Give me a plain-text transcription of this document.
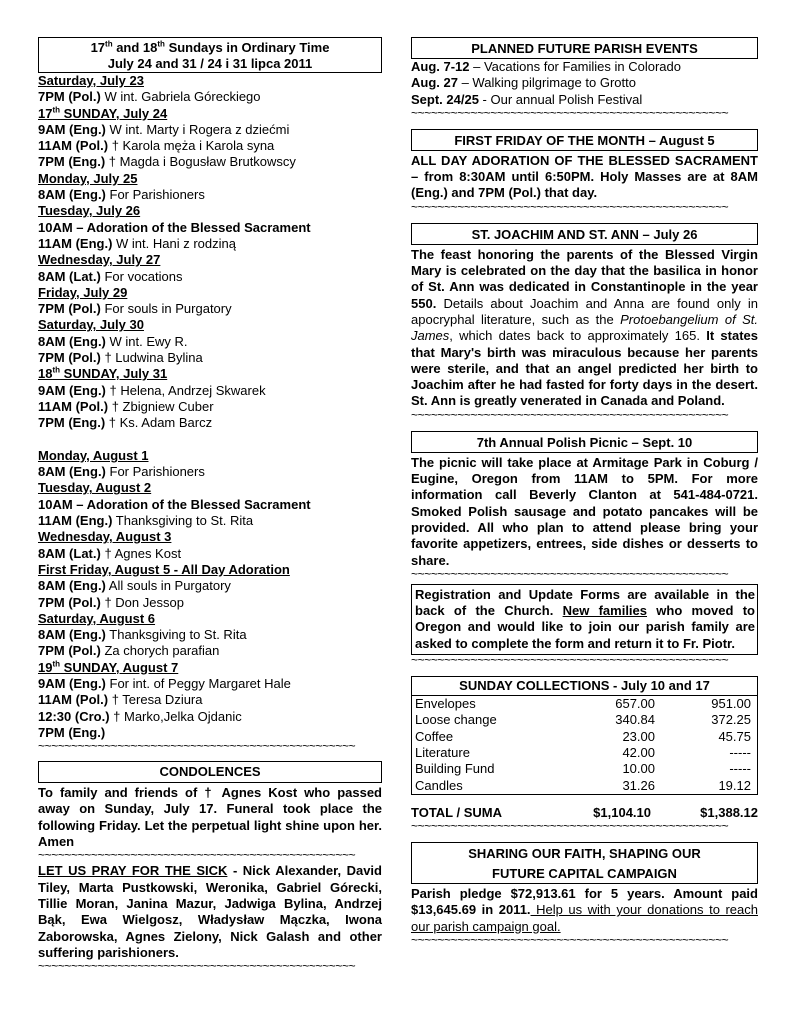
17th and 18th Sundays in Ordinary Time
July 24 and 31 / 24 i 31 lipca 2011
Saturday, July 23
7PM (Pol.) W int. Gabriela Góreckiego
17th SUNDAY, July 24
9AM (Eng.) W int. Marty i Rogera z dziećmi
11AM (Pol.) † Karola męża i Karola syna
7PM (Eng.) † Magda i Bogusław Brutkowscy
Monday, July 25
8AM (Eng.) For Parishioners
Tuesday, July 26
10AM – Adoration of the Blessed Sacrament
11AM (Eng.) W int. Hani z rodziną
Wednesday, July 27
8AM (Lat.) For vocations
Friday, July 29
7PM (Pol.) For souls in Purgatory
Saturday, July 30
8AM (Eng.) W int. Ewy R.
7PM (Pol.) † Ludwina Bylina
18th SUNDAY, July 31
9AM (Eng.) † Helena, Andrzej Skwarek
11AM (Pol.) † Zbigniew Cuber
7PM (Eng.) † Ks. Adam Barcz

Monday, August 1
8AM (Eng.) For Parishioners
Tuesday, August 2
10AM – Adoration of the Blessed Sacrament
11AM (Eng.) Thanksgiving to St. Rita
Wednesday, August 3
8AM (Lat.) † Agnes Kost
First Friday, August 5 - All Day Adoration
8AM (Eng.) All souls in Purgatory
7PM (Pol.) † Don Jessop
Saturday, August 6
8AM (Eng.) Thanksgiving to St. Rita
7PM (Pol.) Za chorych parafian
19th SUNDAY, August 7
9AM (Eng.) For int. of Peggy Margaret Hale
11AM (Pol.) † Teresa Dziura
12:30 (Cro.) † Marko,Jelka Ojdanic
7PM (Eng.)
~~~~~~~~~~~~~~~~~~~~~~~~~~~~~~~~~~~~~~~~~~~~~~~~
CONDOLENCES
To family and friends of † Agnes Kost who passed away on Sunday, July 17. Funeral took place the following Friday. Let the perpetual light shine upon her. Amen
~~~~~~~~~~~~~~~~~~~~~~~~~~~~~~~~~~~~~~~~~~~~~~~~
LET US PRAY FOR THE SICK - Nick Alexander, David Tiley, Marta Pustkowski, Weronika, Gabriel Górecki, Tillie Moran, Janina Mazur, Jadwiga Bylina, Andrzej Bąk, Ewa Wielgosz, Władysław Mączka, Iwona Zaborowska, Agnes Zielony, Nick Galash and other suffering parishioners.
~~~~~~~~~~~~~~~~~~~~~~~~~~~~~~~~~~~~~~~~~~~~~~~~
PLANNED FUTURE PARISH EVENTS
Aug. 7-12 – Vacations for Families in Colorado
Aug. 27 – Walking pilgrimage to Grotto
Sept. 24/25 - Our annual Polish Festival
~~~~~~~~~~~~~~~~~~~~~~~~~~~~~~~~~~~~~~~~~~~~~~~~
FIRST FRIDAY OF THE MONTH – August 5
ALL DAY ADORATION OF THE BLESSED SACRAMENT – from 8:30AM until 6:50PM. Holy Masses are at 8AM (Eng.) and 7PM (Pol.) that day.
~~~~~~~~~~~~~~~~~~~~~~~~~~~~~~~~~~~~~~~~~~~~~~~~
ST. JOACHIM AND ST. ANN – July 26
The feast honoring the parents of the Blessed Virgin Mary is celebrated on the day that the basilica in honor of St. Ann was dedicated in Constantinople in the year 550. Details about Joachim and Anna are found only in apocryphal literature, such as the Protoebangelium of St. James, which dates back to approximately 165. It states that Mary's birth was miraculous because her parents were sterile, and that an angel predicted her birth to Joachim after he had fasted for forty days in the desert. St. Ann is greatly venerated in Canada and Poland.
~~~~~~~~~~~~~~~~~~~~~~~~~~~~~~~~~~~~~~~~~~~~~~~~
7th Annual Polish Picnic – Sept. 10
The picnic will take place at Armitage Park in Coburg / Eugine, Oregon from 11AM to 5PM. For more information call Beverly Clanton at 541-484-0721. Smoked Polish sausage and potato pancakes will be provided. All who plan to attend please bring your favorite appetizers, entrees, side dishes or desserts to share.
~~~~~~~~~~~~~~~~~~~~~~~~~~~~~~~~~~~~~~~~~~~~~~~~
Registration and Update Forms are available in the back of the Church. New families who moved to Oregon and would like to join our parish family are asked to complete the form and return it to Fr. Piotr.
~~~~~~~~~~~~~~~~~~~~~~~~~~~~~~~~~~~~~~~~~~~~~~~~
SUNDAY COLLECTIONS - July 10 and 17
Envelopes	657.00	951.00
Loose change	340.84	372.25
Coffee	23.00	45.75
Literature	42.00	-----
Building Fund	10.00	-----
Candles	31.26	19.12
TOTAL / SUMA	$1,104.10	$1,388.12
~~~~~~~~~~~~~~~~~~~~~~~~~~~~~~~~~~~~~~~~~~~~~~~~
SHARING OUR FAITH, SHAPING OUR
FUTURE CAPITAL CAMPAIGN
Parish pledge $72,913.61 for 5 years. Amount paid $13,645.69 in 2011. Help us with your donations to reach our parish campaign goal.
~~~~~~~~~~~~~~~~~~~~~~~~~~~~~~~~~~~~~~~~~~~~~~~~
